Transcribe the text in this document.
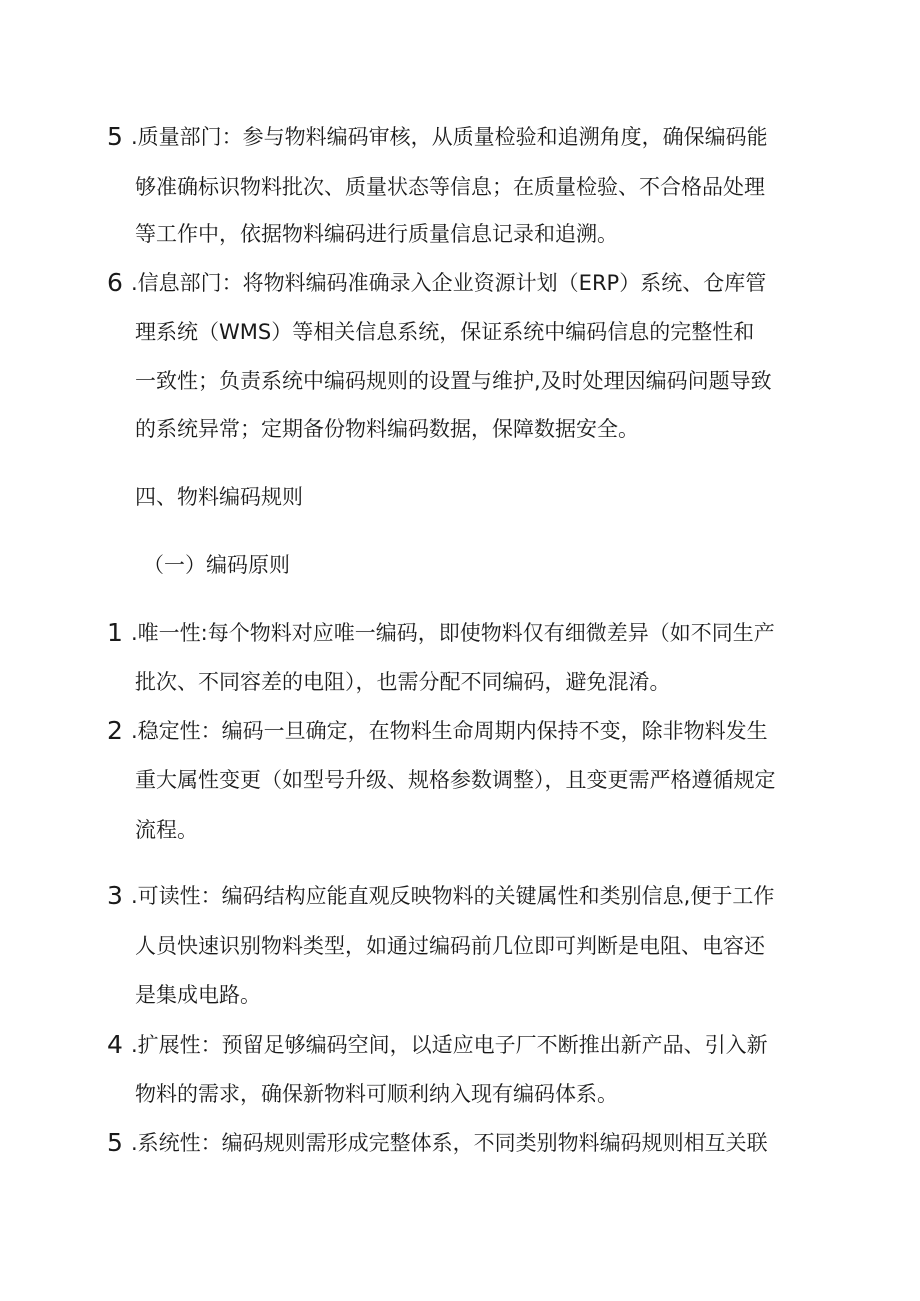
5 .质量部门：参与物料编码审核，从质量检验和追溯角度，确保编码能
够准确标识物料批次、质量状态等信息；在质量检验、不合格品处理
等工作中，依据物料编码进行质量信息记录和追溯。
6 .信息部门：将物料编码准确录入企业资源计划（ERP）系统、仓库管
理系统（WMS）等相关信息系统，保证系统中编码信息的完整性和
一致性；负责系统中编码规则的设置与维护,及时处理因编码问题导致
的系统异常；定期备份物料编码数据，保障数据安全。
四、物料编码规则
（一）编码原则
1 .唯一性:每个物料对应唯一编码，即使物料仅有细微差异（如不同生产
批次、不同容差的电阻），也需分配不同编码，避免混淆。
2 .稳定性：编码一旦确定，在物料生命周期内保持不变，除非物料发生
重大属性变更（如型号升级、规格参数调整），且变更需严格遵循规定
流程。
3 .可读性：编码结构应能直观反映物料的关键属性和类别信息,便于工作
人员快速识别物料类型，如通过编码前几位即可判断是电阻、电容还
是集成电路。
4 .扩展性：预留足够编码空间，以适应电子厂不断推出新产品、引入新
物料的需求，确保新物料可顺利纳入现有编码体系。
5 .系统性：编码规则需形成完整体系，不同类别物料编码规则相互关联
